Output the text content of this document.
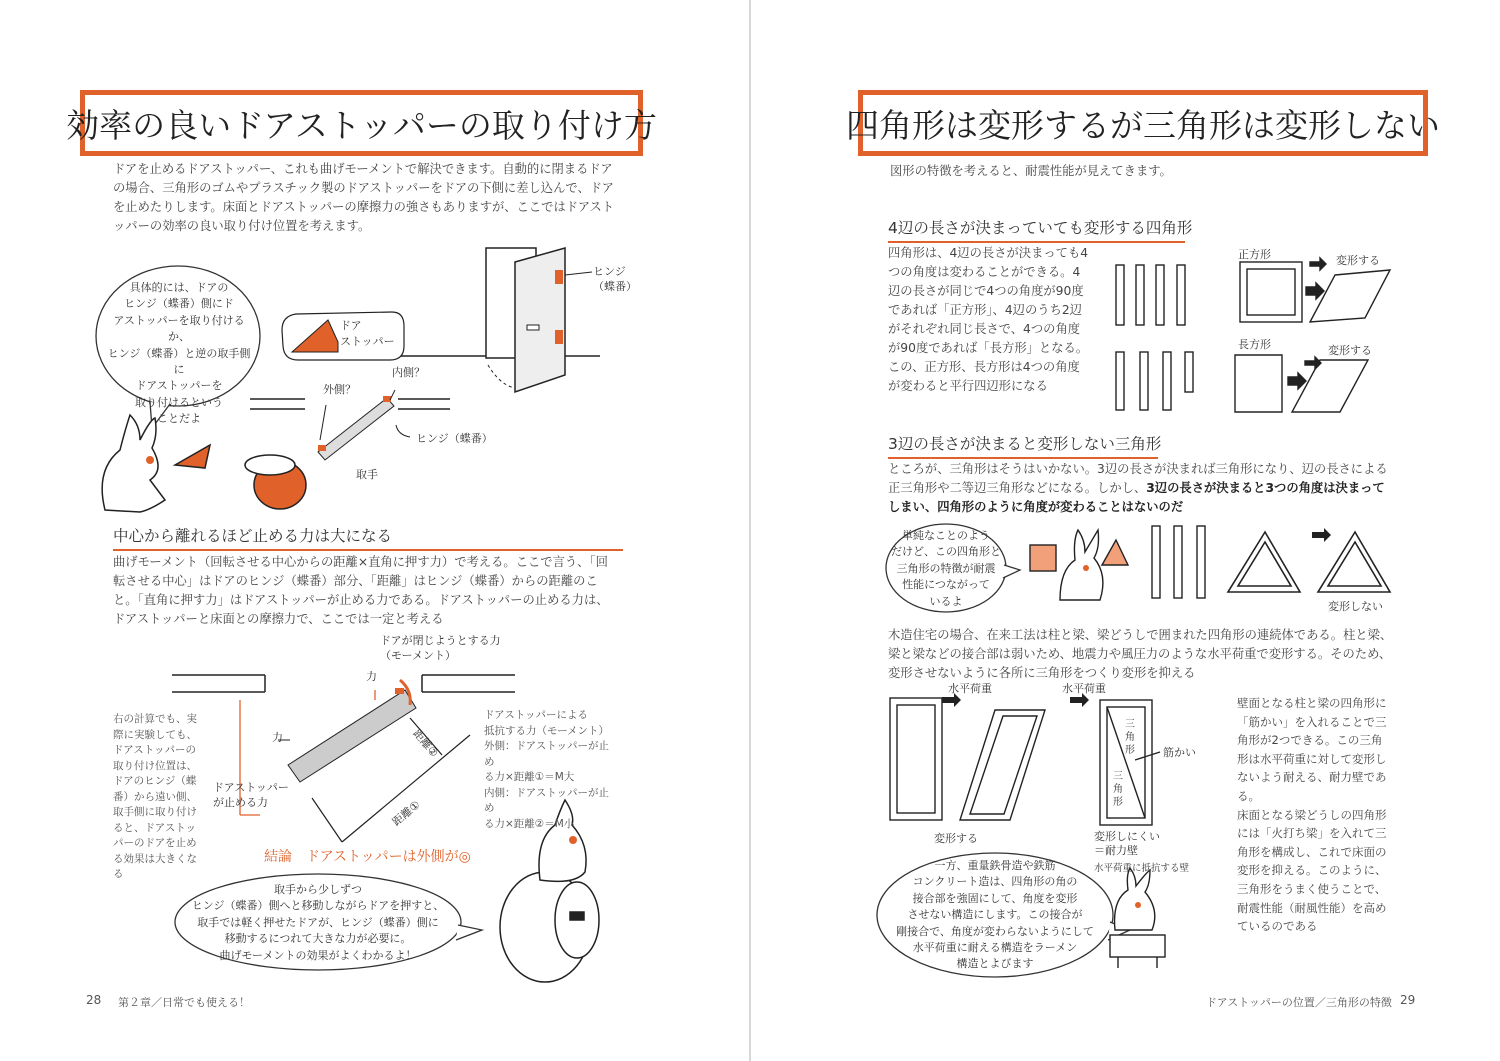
効率の良いドアストッパーの取り付け方

ドアを止めるドアストッパー、これも曲げモーメントで解決できます。自動的に閉まるドアの場合、三角形のゴムやプラスチック製のドアストッパーをドアの下側に差し込んで、ドアを止めたりします。床面とドアストッパーの摩擦力の強さもありますが、ここではドアストッパーの効率の良い取り付け位置を考えます。

具体的には、ドアの
ヒンジ（蝶番）側にド
アストッパーを取り付けるか、
ヒンジ（蝶番）と逆の取手側に
ドアストッパーを
取り付けるという
ことだよ
ヒンジ
（蝶番）
ドア
ストッパー
内側？
外側？
ヒンジ（蝶番）
取手
中心から離れるほど止める力は大になる

曲げモーメント（回転させる中心からの距離×直角に押す力）で考える。ここで言う、「回転させる中心」はドアのヒンジ（蝶番）部分、「距離」はヒンジ（蝶番）からの距離のこと。「直角に押す力」はドアストッパーが止める力である。ドアストッパーの止める力は、ドアストッパーと床面との摩擦力で、ここでは一定と考える

ドアが閉じようとする力
（モーメント）
力
力	距離②
距離①
ドアストッパー
が止める力
ドアストッパーによる
抵抗する力（モーメント）
外側：ドアストッパーが止め
る力×距離①＝M大
内側：ドアストッパーが止め
る力×距離②＝M小
右の計算でも、実際に実験しても、ドアストッパーの取り付け位置は、ドアのヒンジ（蝶番）から遠い側、取手側に取り付けると、ドアストッパーのドアを止める効果は大きくなる
結論　ドアストッパーは外側が◎
取手から少しずつ
ヒンジ（蝶番）側へと移動しながらドアを押すと、
取手では軽く押せたドアが、ヒンジ（蝶番）側に
移動するにつれて大きな力が必要に。
曲げモーメントの効果がよくわかるよ！
28 第２章／日常でも使える！
四角形は変形するが三角形は変形しない

図形の特徴を考えると、耐震性能が見えてきます。

4辺の長さが決まっていても変形する四角形

四角形は、4辺の長さが決まっても4つの角度は変わることができる。4辺の長さが同じで4つの角度が90度であれば「正方形」、4辺のうち2辺がそれぞれ同じ長さで、4つの角度が90度であれば「長方形」となる。この、正方形、長方形は4つの角度が変わると平行四辺形になる

正方形	変形する
長方形	変形する
3辺の長さが決まると変形しない三角形

ところが、三角形はそうはいかない。3辺の長さが決まれば三角形になり、辺の長さによる正三角形や二等辺三角形などになる。しかし、3辺の長さが決まると3つの角度は決まってしまい、四角形のように角度が変わることはないのだ

単純なことのよう
だけど、この四角形と
三角形の特徴が耐震
性能につながって
いるよ	変形しない

木造住宅の場合、在来工法は柱と梁、梁どうしで囲まれた四角形の連続体である。柱と梁、梁と梁などの接合部は弱いため、地震力や風圧力のような水平荷重で変形する。そのため、変形させないように各所に三角形をつくり変形を抑える

水平荷重	水平荷重
変形する
三
角
形
三
角
形
筋かい
変形しにくい
＝耐力壁
水平荷重に抵抗する壁

壁面となる柱と梁の四角形に「筋かい」を入れることで三角形が2つできる。この三角形は水平荷重に対して変形しないよう耐える、耐力壁である。
床面となる梁どうしの四角形には「火打ち梁」を入れて三角形を構成し、これで床面の変形を抑える。このように、三角形をうまく使うことで、耐震性能（耐風性能）を高めているのである

一方、重量鉄骨造や鉄筋
コンクリート造は、四角形の角の
接合部を強固にして、角度を変形
させない構造にします。この接合が
剛接合で、角度が変わらないようにして
水平荷重に耐える構造をラーメン
構造とよびます
ドアストッパーの位置／三角形の特徴 29
